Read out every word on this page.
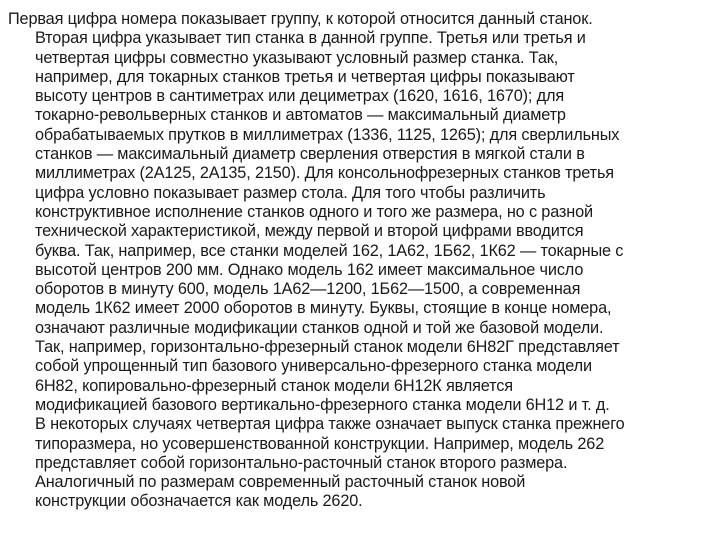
Первая цифра номера показывает группу, к которой относится данный станок.
Вторая цифра указывает тип станка в данной группе. Третья или третья и
четвертая цифры совместно указывают условный размер станка. Так,
например, для токарных станков третья и четвертая цифры показывают
высоту центров в сантиметрах или дециметрах (1620, 1616, 1670); для
токарно-револьверных станков и автоматов — максимальный диаметр
обрабатываемых прутков в миллиметрах (1336, 1125, 1265); для сверлильных
станков — максимальный диаметр сверления отверстия в мягкой стали в
миллиметрах (2А125, 2А135, 2150). Для консольнофрезерных станков третья
цифра условно показывает размер стола. Для того чтобы различить
конструктивное исполнение станков одного и того же размера, но с разной
технической характеристикой, между первой и второй цифрами вводится
буква. Так, например, все станки моделей 162, 1А62, 1Б62, 1К62 — токарные с
высотой центров 200 мм. Однако модель 162 имеет максимальное число
оборотов в минуту 600, модель 1А62—1200, 1Б62—1500, а современная
модель 1К62 имеет 2000 оборотов в минуту. Буквы, стоящие в конце номера,
означают различные модификации станков одной и той же базовой модели.
Так, например, горизонтально-фрезерный станок модели 6Н82Г представляет
собой упрощенный тип базового универсально-фрезерного станка модели
6Н82, копировально-фрезерный станок модели 6Н12К является
модификацией базового вертикально-фрезерного станка модели 6Н12 и т. д.
В некоторых случаях четвертая цифра также означает выпуск станка прежнего
типоразмера, но усовершенствованной конструкции. Например, модель 262
представляет собой горизонтально-расточный станок второго размера.
Аналогичный по размерам современный расточный станок новой
конструкции обозначается как модель 2620.
